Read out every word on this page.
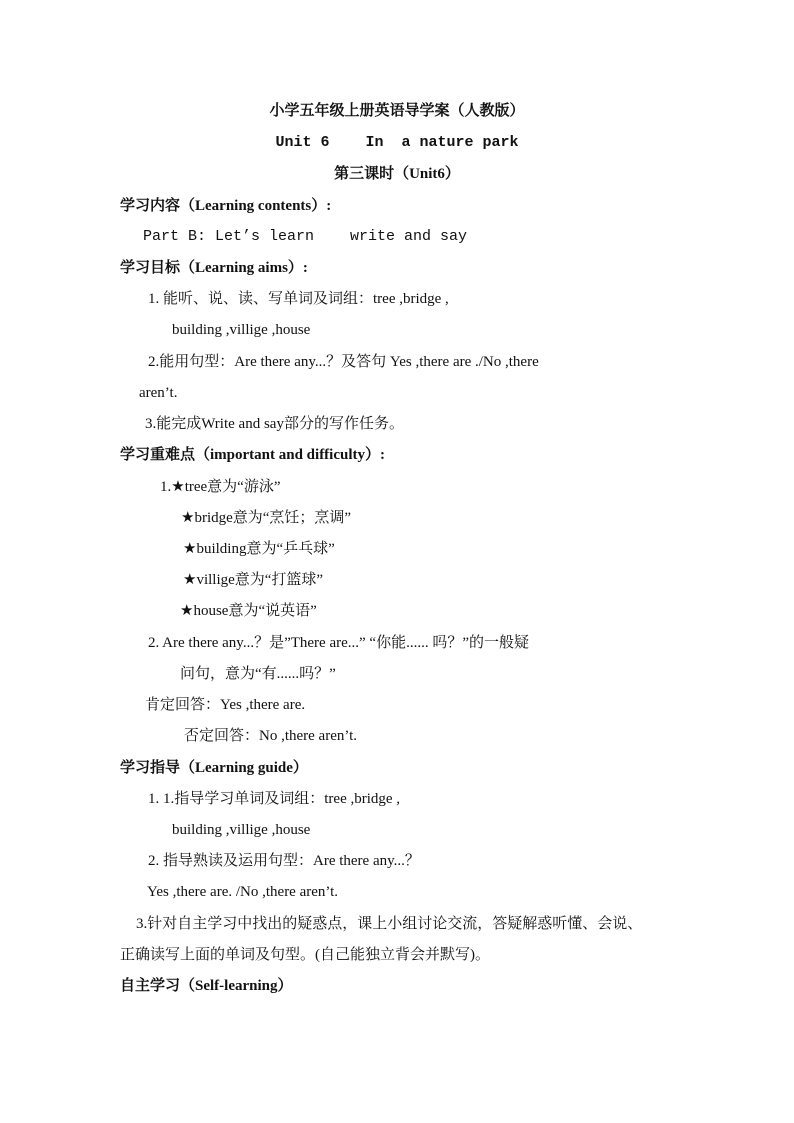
小学五年级上册英语导学案（人教版）
Unit 6    In  a nature park
第三课时（Unit6）
学习内容（Learning contents）:
Part B: Let’s learn    write and say
学习目标（Learning aims）:
1. 能听、说、读、写单词及词组：tree ,bridge ,
building ,villige ,house
2.能用句型：Are there any...？及答句 Yes ,there are ./No ,there
aren’t.
3.能完成Write and say部分的写作任务。
学习重难点（important and difficulty）:
1.★tree意为“游泳”
★bridge意为“烹饪；烹调”
★building意为“乒乓球”
★villige意为“打篮球”
★house意为“说英语”
2. Are there any...？是”There are...” “你能...... 吗？”的一般疑
问句，意为“有......吗？”
肯定回答：Yes ,there are.
否定回答：No ,there aren’t.
学习指导（Learning guide）
1. 1.指导学习单词及词组：tree ,bridge ,
building ,villige ,house
2. 指导熟读及运用句型：Are there any...？
Yes ,there are. /No ,there aren’t.
3.针对自主学习中找出的疑惑点，课上小组讨论交流，答疑解惑听懂、会说、
正确读写上面的单词及句型。(自己能独立背会并默写)。
自主学习（Self-learning）
